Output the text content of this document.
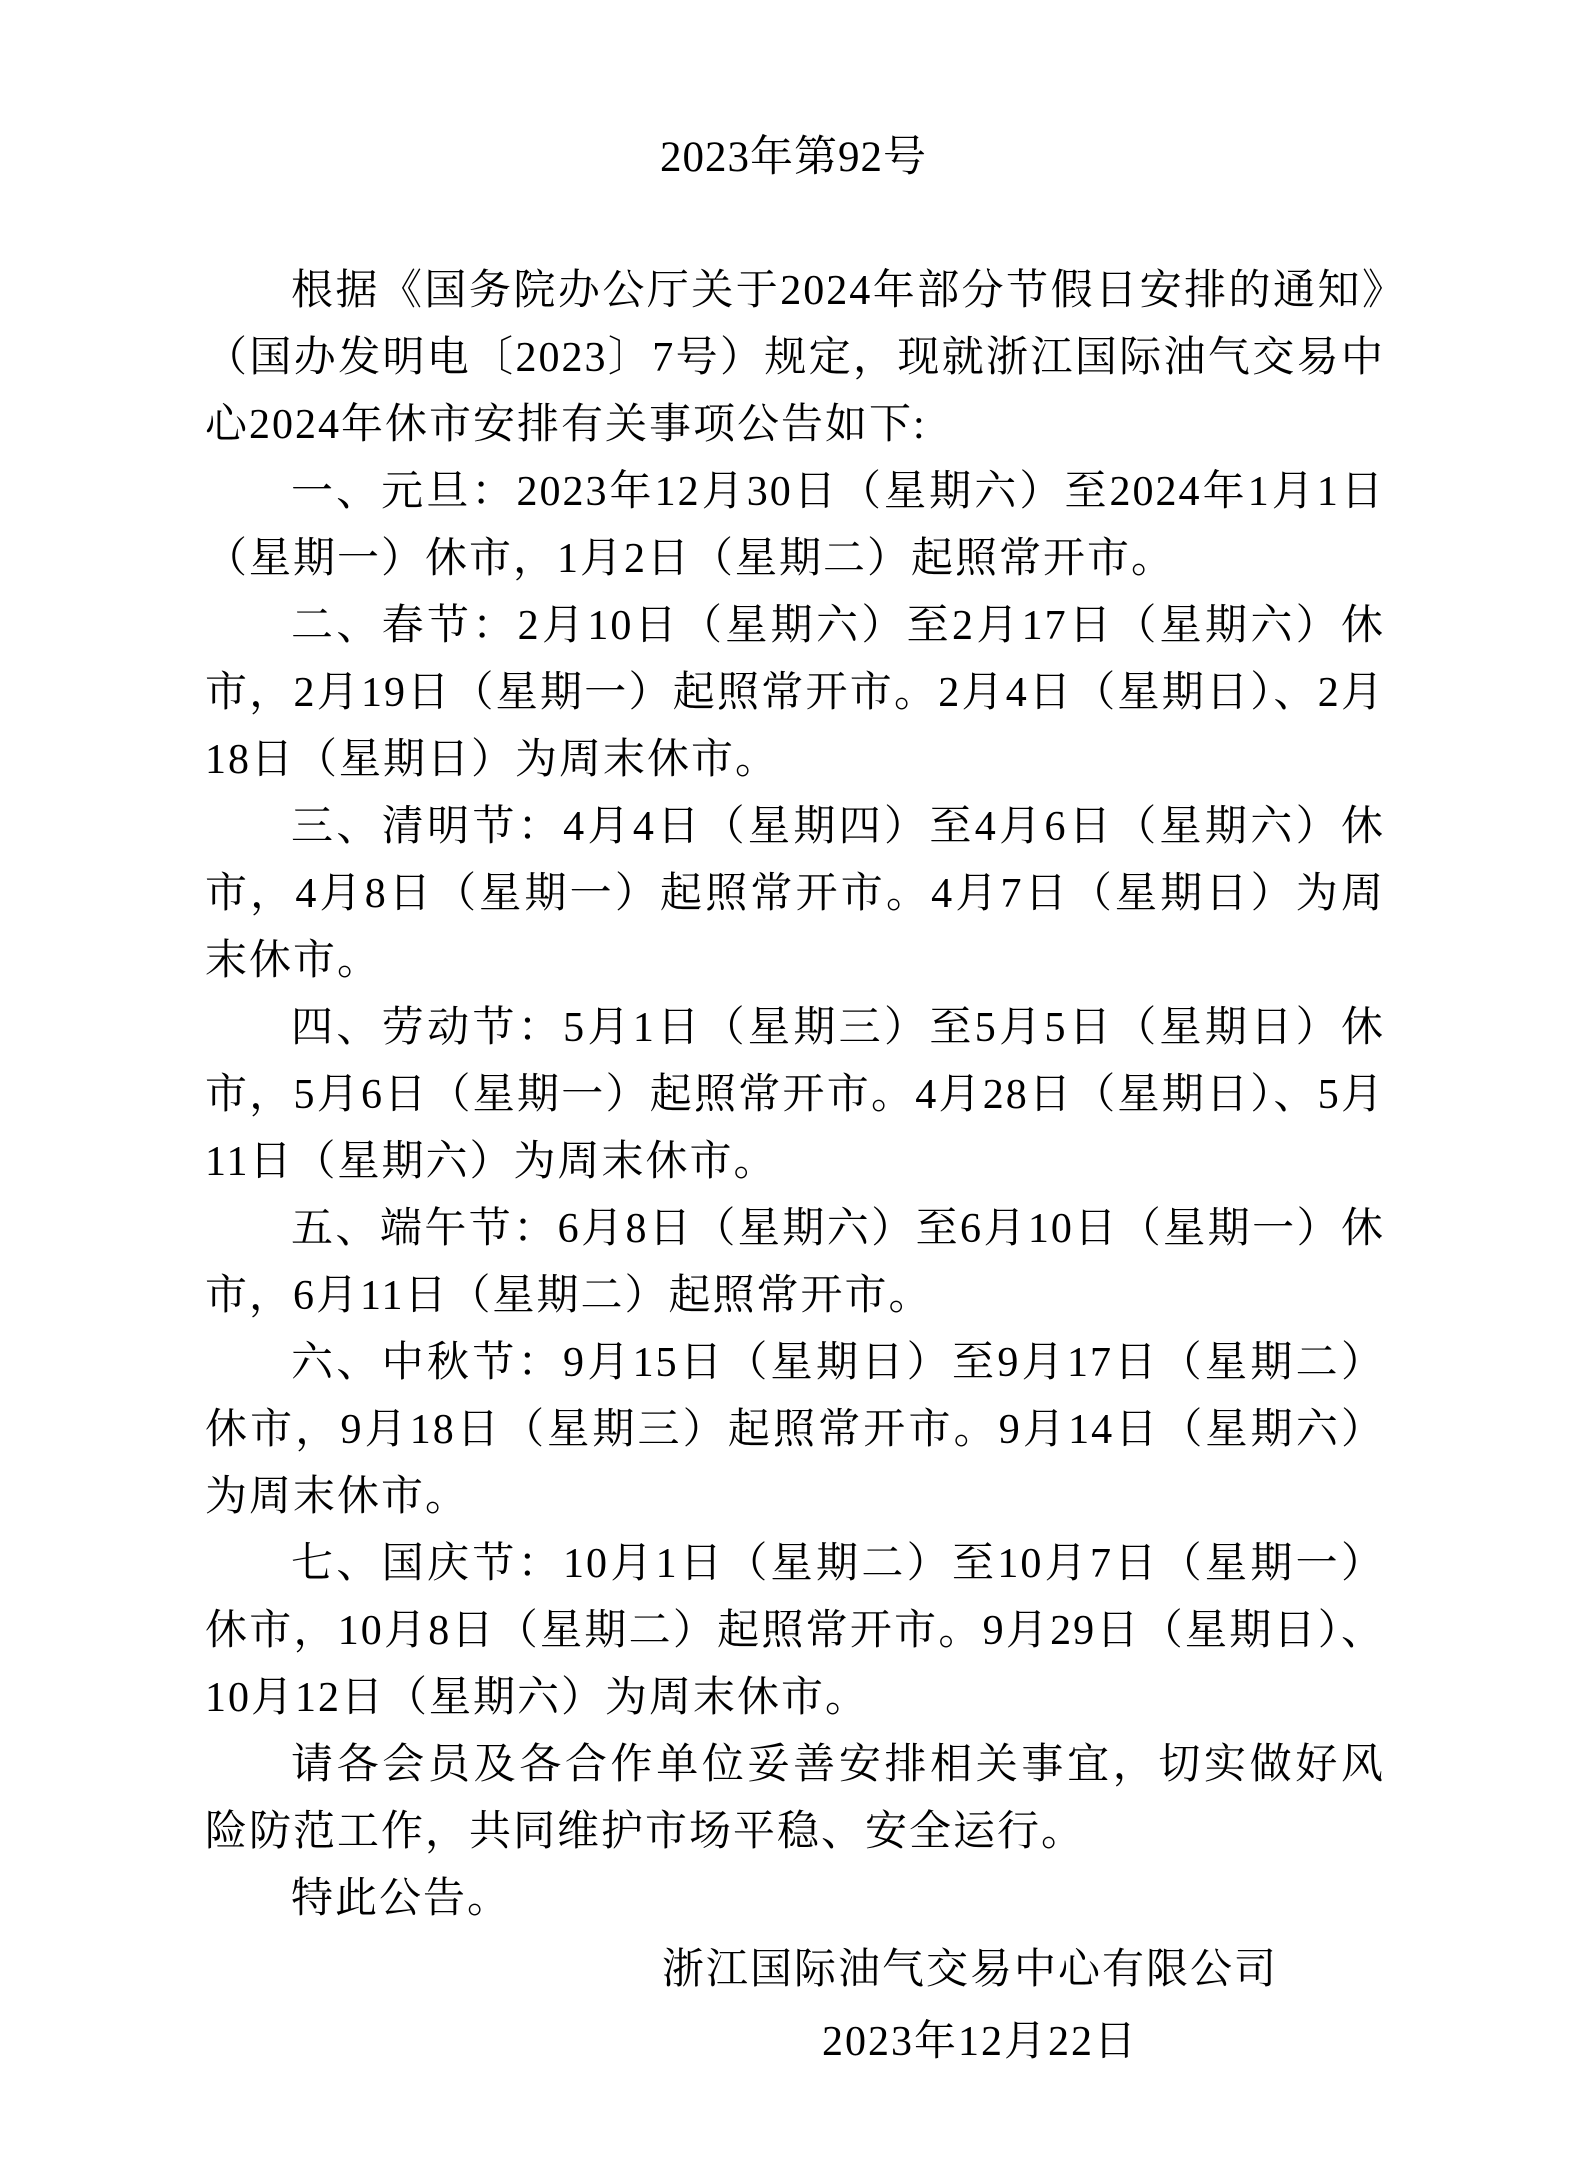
2023年第92号

根据《国务院办公厅关于2024年部分节假日安排的通知》（国办发明电〔2023〕7号）规定，现就浙江国际油气交易中心2024年休市安排有关事项公告如下:

一、元旦：2023年12月30日（星期六）至2024年1月1日（星期一）休市，1月2日（星期二）起照常开市。

二、春节：2月10日（星期六）至2月17日（星期六）休市，2月19日（星期一）起照常开市。2月4日（星期日）、2月18日（星期日）为周末休市。

三、清明节：4月4日（星期四）至4月6日（星期六）休市，4月8日（星期一）起照常开市。4月7日（星期日）为周末休市。

四、劳动节：5月1日（星期三）至5月5日（星期日）休市，5月6日（星期一）起照常开市。4月28日（星期日）、5月11日（星期六）为周末休市。

五、端午节：6月8日（星期六）至6月10日（星期一）休市，6月11日（星期二）起照常开市。

六、中秋节：9月15日（星期日）至9月17日（星期二）休市，9月18日（星期三）起照常开市。9月14日（星期六）为周末休市。

七、国庆节：10月1日（星期二）至10月7日（星期一）休市，10月8日（星期二）起照常开市。9月29日（星期日）、10月12日（星期六）为周末休市。

请各会员及各合作单位妥善安排相关事宜，切实做好风险防范工作，共同维护市场平稳、安全运行。

特此公告。

浙江国际油气交易中心有限公司
2023年12月22日
